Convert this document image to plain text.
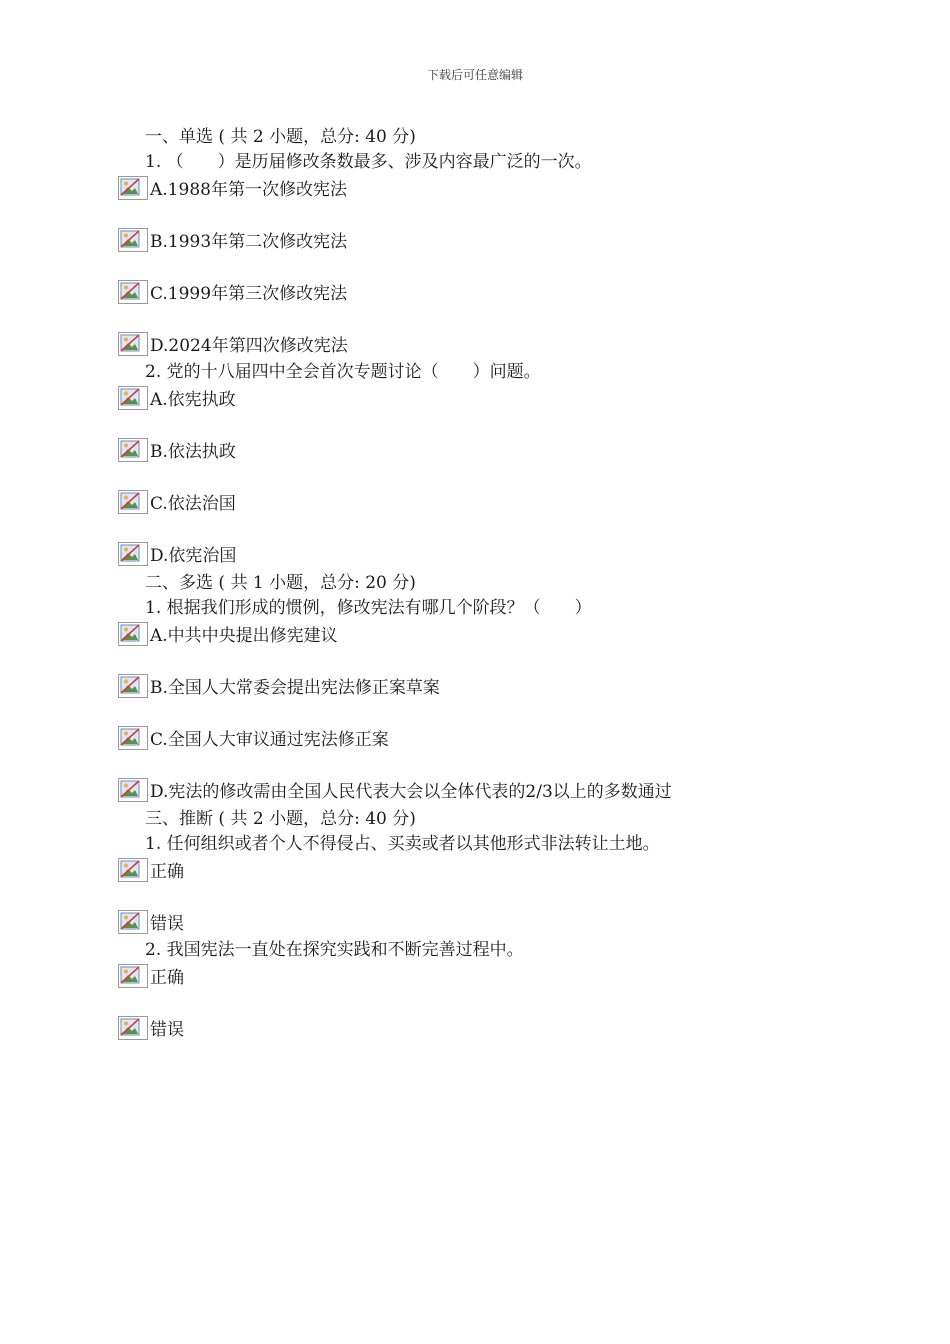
下载后可任意编辑
一、单选 ( 共 2 小题，总分: 40 分)
1. （　　）是历届修改条数最多、涉及内容最广泛的一次。
A.1988年第一次修改宪法
B.1993年第二次修改宪法
C.1999年第三次修改宪法
D.2024年第四次修改宪法
2. 党的十八届四中全会首次专题讨论（　　）问题。
A.依宪执政
B.依法执政
C.依法治国
D.依宪治国
二、多选 ( 共 1 小题，总分: 20 分)
1. 根据我们形成的惯例，修改宪法有哪几个阶段？（　　）
A.中共中央提出修宪建议
B.全国人大常委会提出宪法修正案草案
C.全国人大审议通过宪法修正案
D.宪法的修改需由全国人民代表大会以全体代表的2/3以上的多数通过
三、推断 ( 共 2 小题，总分: 40 分)
1. 任何组织或者个人不得侵占、买卖或者以其他形式非法转让土地。
正确
错误
2. 我国宪法一直处在探究实践和不断完善过程中。
正确
错误
